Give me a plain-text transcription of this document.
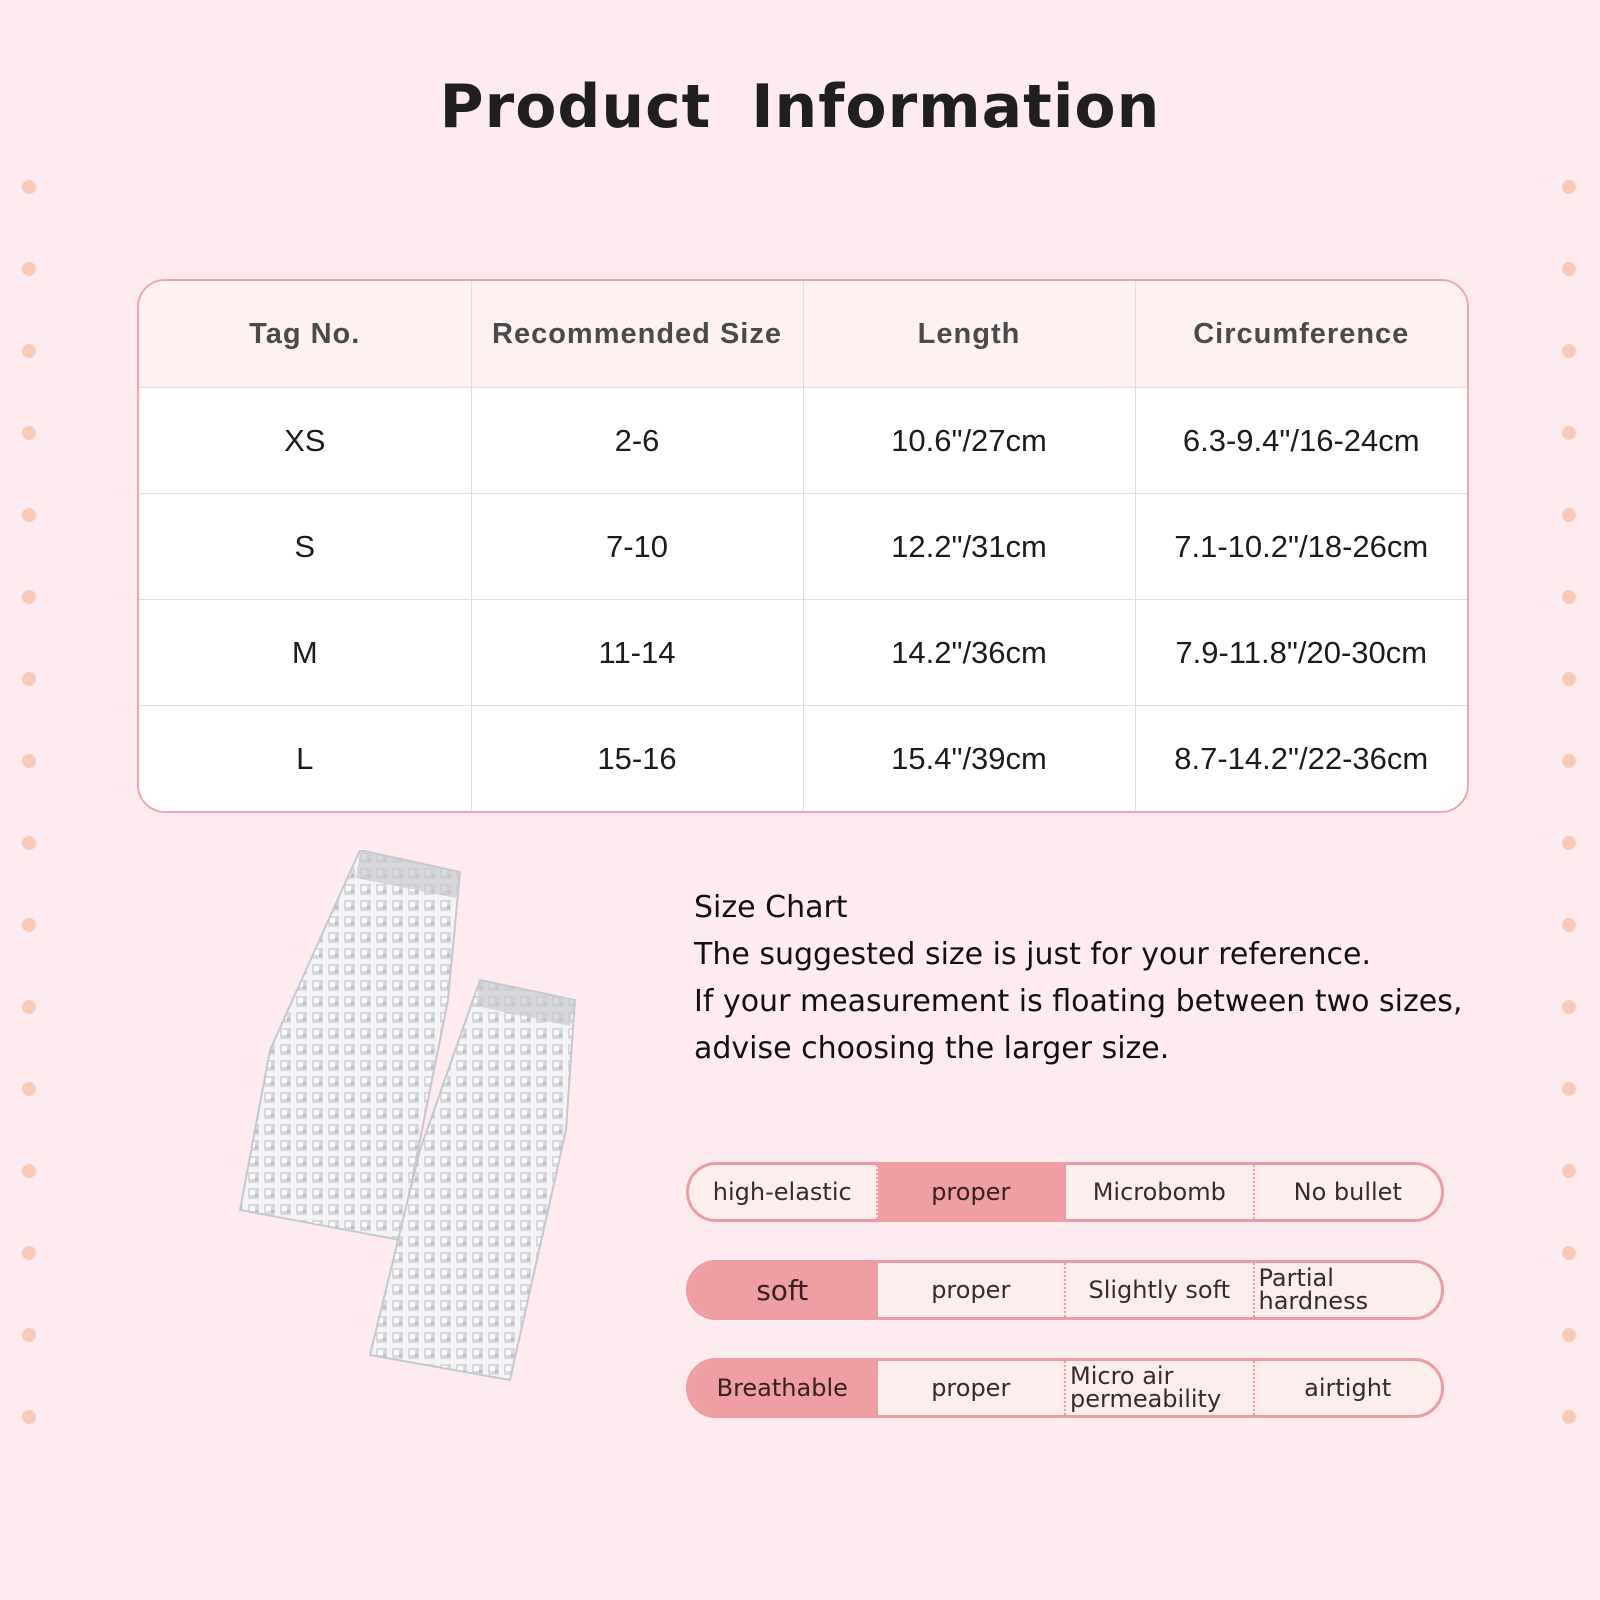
Product Information
Tag No.	Recommended Size	Length	Circumference
XS	2-6	10.6"/27cm	6.3-9.4"/16-24cm
S	7-10	12.2"/31cm	7.1-10.2"/18-26cm
M	11-14	14.2"/36cm	7.9-11.8"/20-30cm
L	15-16	15.4"/39cm	8.7-14.2"/22-36cm
Size Chart
The suggested size is just for your reference.
If your measurement is floating between two sizes,
advise choosing the larger size.
high-elastic	proper	Microbomb	No bullet
soft	proper	Slightly soft	Partial hardness
Breathable	proper	Micro air permeability	airtight
